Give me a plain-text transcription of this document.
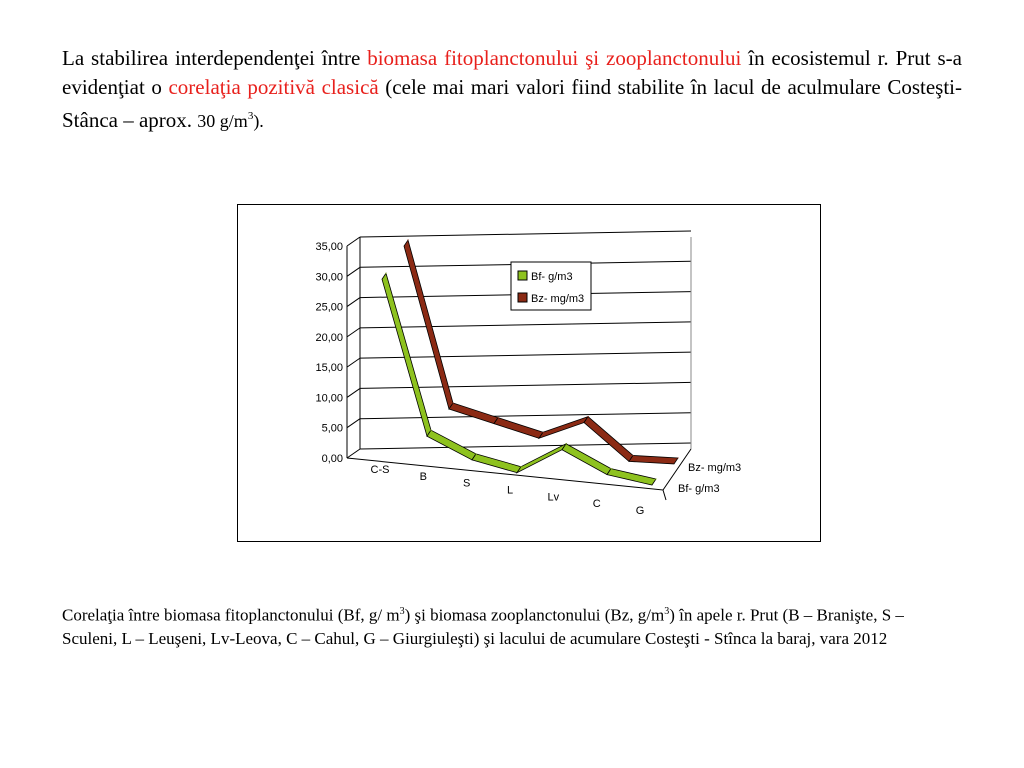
La stabilirea interdependenţei între biomasa fitoplanctonului şi zooplanctonului în ecosistemul r. Prut s-a evidenţiat o corelaţia pozitivă clasică (cele mai mari valori fiind stabilite în lacul de aculmulare Costeşti-Stânca – aprox. 30 $g/m^3$).

35,00
30,00
25,00
20,00
15,00
10,00
5,00
0,00
C-S
B
S
L
Lv
C
G
Bz- mg/m3
Bf- g/m3
Bf- g/m3
Bz- mg/m3

Corelaţia între biomasa fitoplanctonului (Bf, g/ $m^3$) şi biomasa zooplanctonului (Bz, $g/m^3$) în apele r. Prut (B – Branişte, S – Sculeni, L – Leuşeni, Lv-Leova, C – Cahul, G – Giurgiuleşti) şi lacului de acumulare Costeşti - Stînca la baraj, vara 2012
